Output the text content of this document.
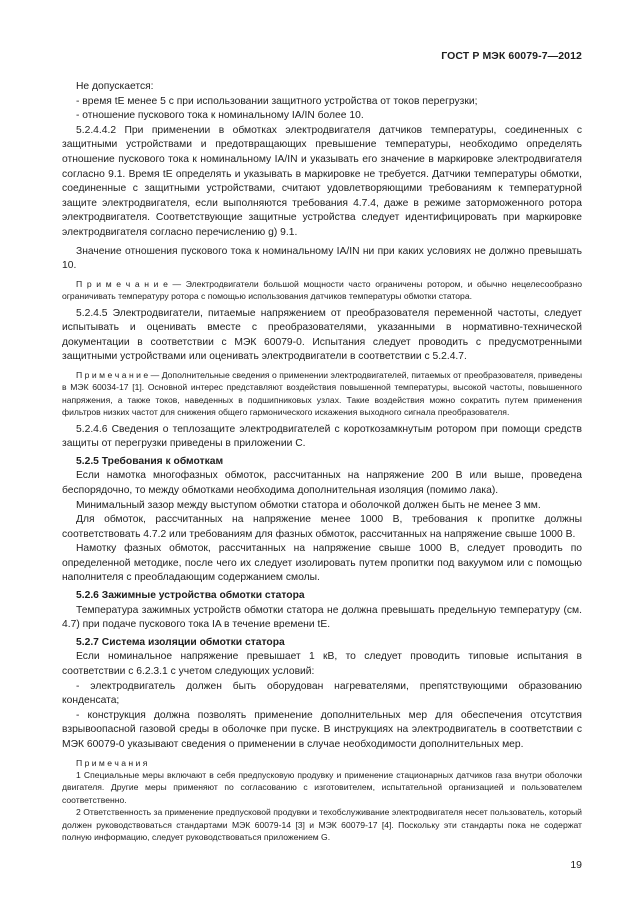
ГОСТ Р МЭК 60079-7—2012

Не допускается:

- время tE менее 5 с при использовании защитного устройства от токов перегрузки;

- отношение пускового тока к номинальному IA/IN более 10.

5.2.4.4.2 При применении в обмотках электродвигателя датчиков температуры, соединенных с защитными устройствами и предотвращающих превышение температуры, необходимо определять отношение пускового тока к номинальному IA/IN и указывать его значение в маркировке электродвигателя согласно 9.1. Время tE определять и указывать в маркировке не требуется. Датчики температуры обмотки, соединенные с защитными устройствами, считают удовлетворяющими требованиям к температурной защите электродвигателя, если выполняются требования 4.7.4, даже в режиме заторможенного ротора электродвигателя. Соответствующие защитные устройства следует идентифицировать при маркировке электродвигателя согласно перечислению g) 9.1.

Значение отношения пускового тока к номинальному IA/IN ни при каких условиях не должно превышать 10.

П р и м е ч а н и е — Электродвигатели большой мощности часто ограничены ротором, и обычно нецелесообразно ограничивать температуру ротора с помощью использования датчиков температуры обмотки статора.

5.2.4.5 Электродвигатели, питаемые напряжением от преобразователя переменной частоты, следует испытывать и оценивать вместе с преобразователями, указанными в нормативно-технической документации в соответствии с МЭК 60079-0. Испытания следует проводить с предусмотренными защитными устройствами или оценивать электродвигатели в соответствии с 5.2.4.7.

П р и м е ч а н и е — Дополнительные сведения о применении электродвигателей, питаемых от преобразователя, приведены в МЭК 60034-17 [1]. Основной интерес представляют воздействия повышенной температуры, высокой частоты, повышенного напряжения, а также токов, наведенных в подшипниковых узлах. Такие воздействия можно сократить путем применения фильтров низких частот для снижения общего гармонического искажения выходного сигнала преобразователя.

5.2.4.6 Сведения о теплозащите электродвигателей с короткозамкнутым ротором при помощи средств защиты от перегрузки приведены в приложении С.

5.2.5 Требования к обмоткам

Если намотка многофазных обмоток, рассчитанных на напряжение 200 В или выше, проведена беспорядочно, то между обмотками необходима дополнительная изоляция (помимо лака).

Минимальный зазор между выступом обмотки статора и оболочкой должен быть не менее 3 мм.

Для обмоток, рассчитанных на напряжение менее 1000 В, требования к пропитке должны соответствовать 4.7.2 или требованиям для фазных обмоток, рассчитанных на напряжение свыше 1000 В.

Намотку фазных обмоток, рассчитанных на напряжение свыше 1000 В, следует проводить по определенной методике, после чего их следует изолировать путем пропитки под вакуумом или с помощью наполнителя с преобладающим содержанием смолы.

5.2.6 Зажимные устройства обмотки статора

Температура зажимных устройств обмотки статора не должна превышать предельную температуру (см. 4.7) при подаче пускового тока IA в течение времени tE.

5.2.7 Система изоляции обмотки статора

Если номинальное напряжение превышает 1 кВ, то следует проводить типовые испытания в соответствии с 6.2.3.1 с учетом следующих условий:

- электродвигатель должен быть оборудован нагревателями, препятствующими образованию конденсата;

- конструкция должна позволять применение дополнительных мер для обеспечения отсутствия взрывоопасной газовой среды в оболочке при пуске. В инструкциях на электродвигатель в соответствии с МЭК 60079-0 указывают сведения о применении в случае необходимости дополнительных мер.

П р и м е ч а н и я

1 Специальные меры включают в себя предпусковую продувку и применение стационарных датчиков газа внутри оболочки двигателя. Другие меры применяют по согласованию с изготовителем, испытательной организацией и пользователем соответственно.

2 Ответственность за применение предпусковой продувки и техобслуживание электродвигателя несет пользователь, который должен руководствоваться стандартами МЭК 60079-14 [3] и МЭК 60079-17 [4]. Поскольку эти стандарты пока не содержат полную информацию, следует руководствоваться приложением G.

19
